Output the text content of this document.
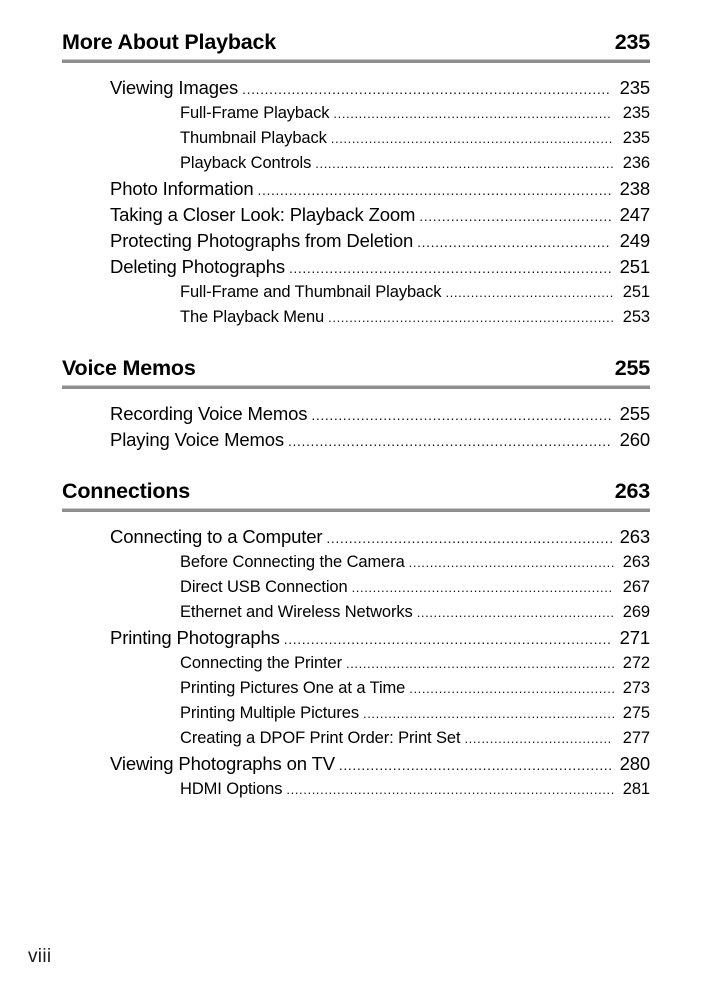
More About Playback	235
Viewing Images .................................................................................. 235
Full-Frame Playback .................................................................. 235
Thumbnail Playback ................................................................... 235
Playback Controls ....................................................................... 236
Photo Information ............................................................................... 238
Taking a Closer Look: Playback Zoom ........................................... 247
Protecting Photographs from Deletion ........................................... 249
Deleting Photographs ........................................................................ 251
Full-Frame and Thumbnail Playback ........................................ 251
The Playback Menu .................................................................... 253
Voice Memos	255
Recording Voice Memos ................................................................... 255
Playing Voice Memos ........................................................................ 260
Connections	263
Connecting to a Computer ................................................................ 263
Before Connecting the Camera ................................................. 263
Direct USB Connection .............................................................. 267
Ethernet and Wireless Networks ............................................... 269
Printing Photographs ......................................................................... 271
Connecting the Printer ................................................................ 272
Printing Pictures One at a Time ................................................. 273
Printing Multiple Pictures ............................................................ 275
Creating a DPOF Print Order: Print Set ................................... 277
Viewing Photographs on TV ............................................................. 280
HDMI Options .............................................................................. 281
viii
